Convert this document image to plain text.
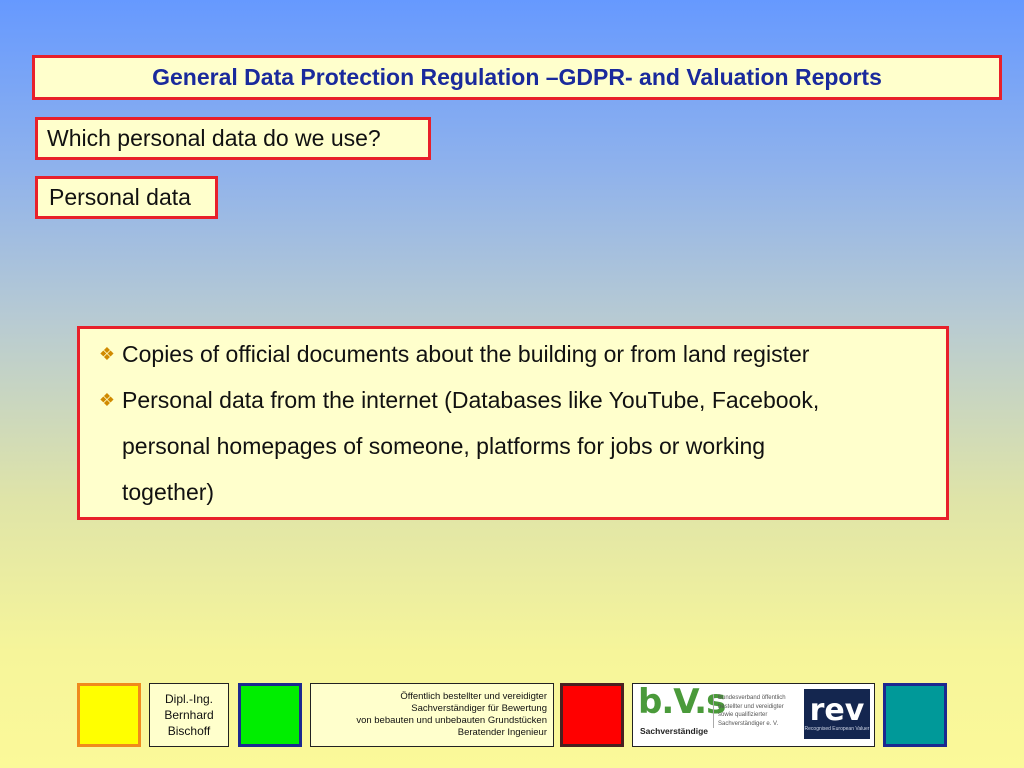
General Data Protection Regulation –GDPR- and Valuation Reports
Which personal data do we use?
Personal data
❖ Copies of official documents about the building or from land register
❖ Personal data from the internet (Databases like YouTube, Facebook,
personal homepages of someone, platforms for jobs or working
together)
Dipl.-Ing.
Bernhard
Bischoff
Öffentlich bestellter und vereidigter
Sachverständiger für Bewertung
von bebauten und unbebauten Grundstücken
Beratender Ingenieur
b.V.s
Sachverständige
Bundesverband öffentlich
bestellter und vereidigter
sowie qualifizierter
Sachverständiger e. V.	rev
Recognised European Valuer
